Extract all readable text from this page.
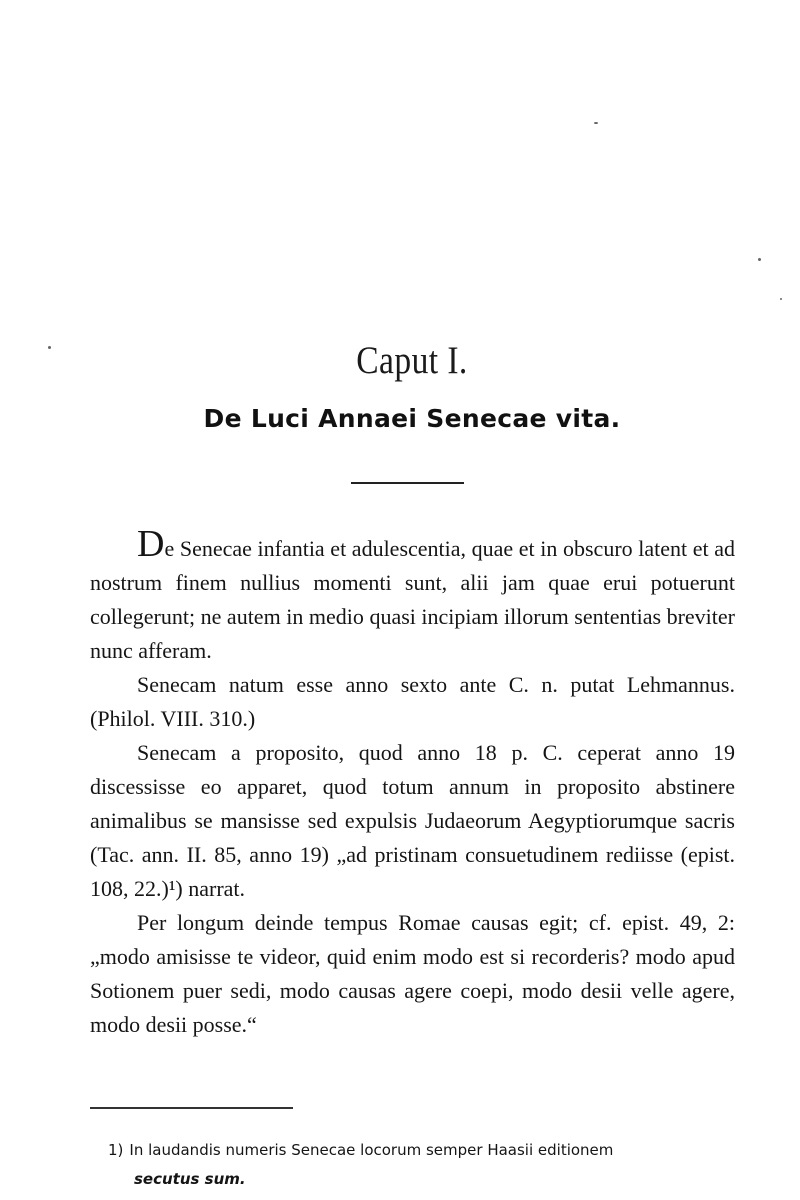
Caput I.
De Luci Annaei Senecae vita.

De Senecae infantia et adulescentia, quae et in obscuro latent et ad nostrum finem nullius momenti sunt, alii jam quae erui potuerunt collegerunt; ne autem in medio quasi incipiam illorum sententias breviter nunc afferam.

Senecam natum esse anno sexto ante C. n. putat Lehmannus. (Philol. VIII. 310.)

Senecam a proposito, quod anno 18 p. C. ceperat anno 19 discessisse eo apparet, quod totum annum in proposito abstinere animalibus se mansisse sed expulsis Judaeorum Aegyptiorumque sacris (Tac. ann. II. 85, anno 19) „ad pristinam consuetudinem rediisse (epist. 108, 22.)¹) narrat.

Per longum deinde tempus Romae causas egit; cf. epist. 49, 2: „modo amisisse te videor, quid enim modo est si recorderis? modo apud Sotionem puer sedi, modo causas agere coepi, modo desii velle agere, modo desii posse.“

1) In laudandis numeris Senecae locorum semper Haasii editionem
secutus sum.
